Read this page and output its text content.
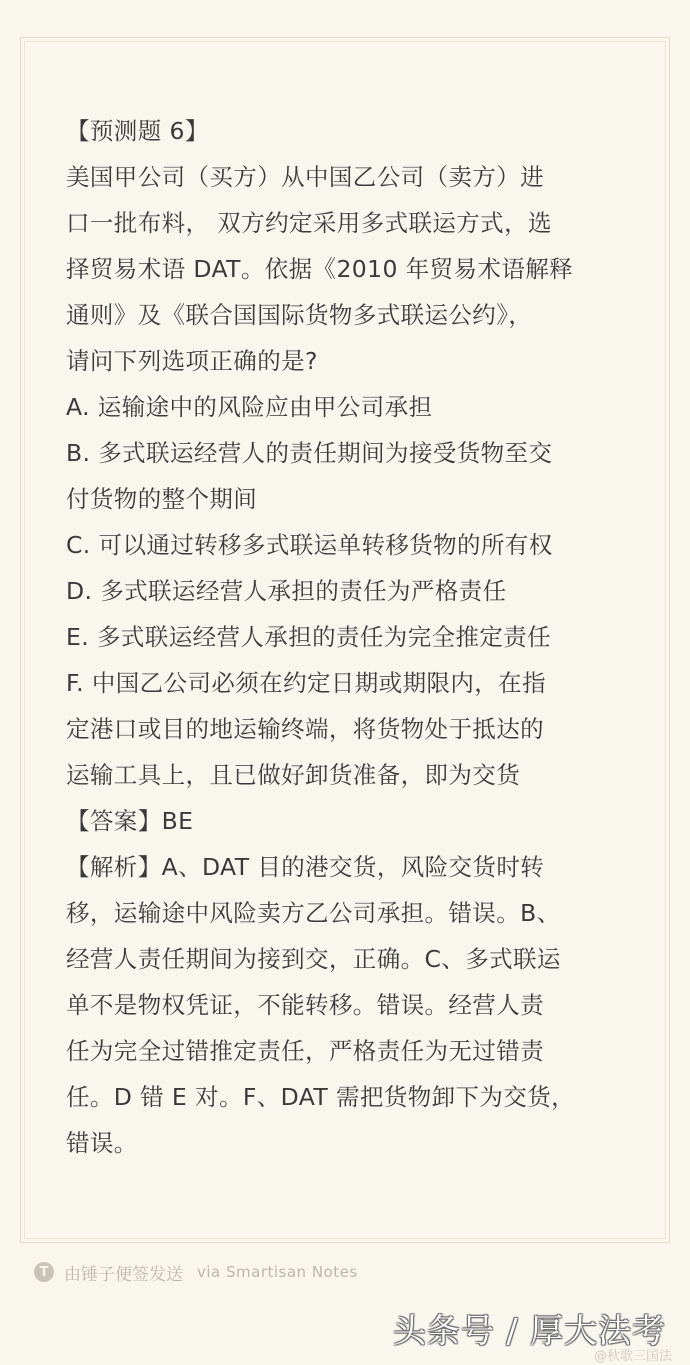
【预测题 6】
美国甲公司（买方）从中国乙公司（卖方）进
口一批布料， 双方约定采用多式联运方式，选
择贸易术语 DAT。依据《2010 年贸易术语解释
通则》及《联合国国际货物多式联运公约》，
请问下列选项正确的是?
A. 运输途中的风险应由甲公司承担
B. 多式联运经营人的责任期间为接受货物至交
付货物的整个期间
C. 可以通过转移多式联运单转移货物的所有权
D. 多式联运经营人承担的责任为严格责任
E. 多式联运经营人承担的责任为完全推定责任
F. 中国乙公司必须在约定日期或期限内，在指
定港口或目的地运输终端，将货物处于抵达的
运输工具上，且已做好卸货准备，即为交货
【答案】BE
【解析】A、DAT 目的港交货，风险交货时转
移，运输途中风险卖方乙公司承担。错误。B、
经营人责任期间为接到交，正确。C、多式联运
单不是物权凭证，不能转移。错误。经营人责
任为完全过错推定责任，严格责任为无过错责
任。D 错 E 对。F、DAT 需把货物卸下为交货，
错误。
T 由锤子便签发送 via Smartisan Notes
头条号 / 厚大法考
@秋歌三国法
